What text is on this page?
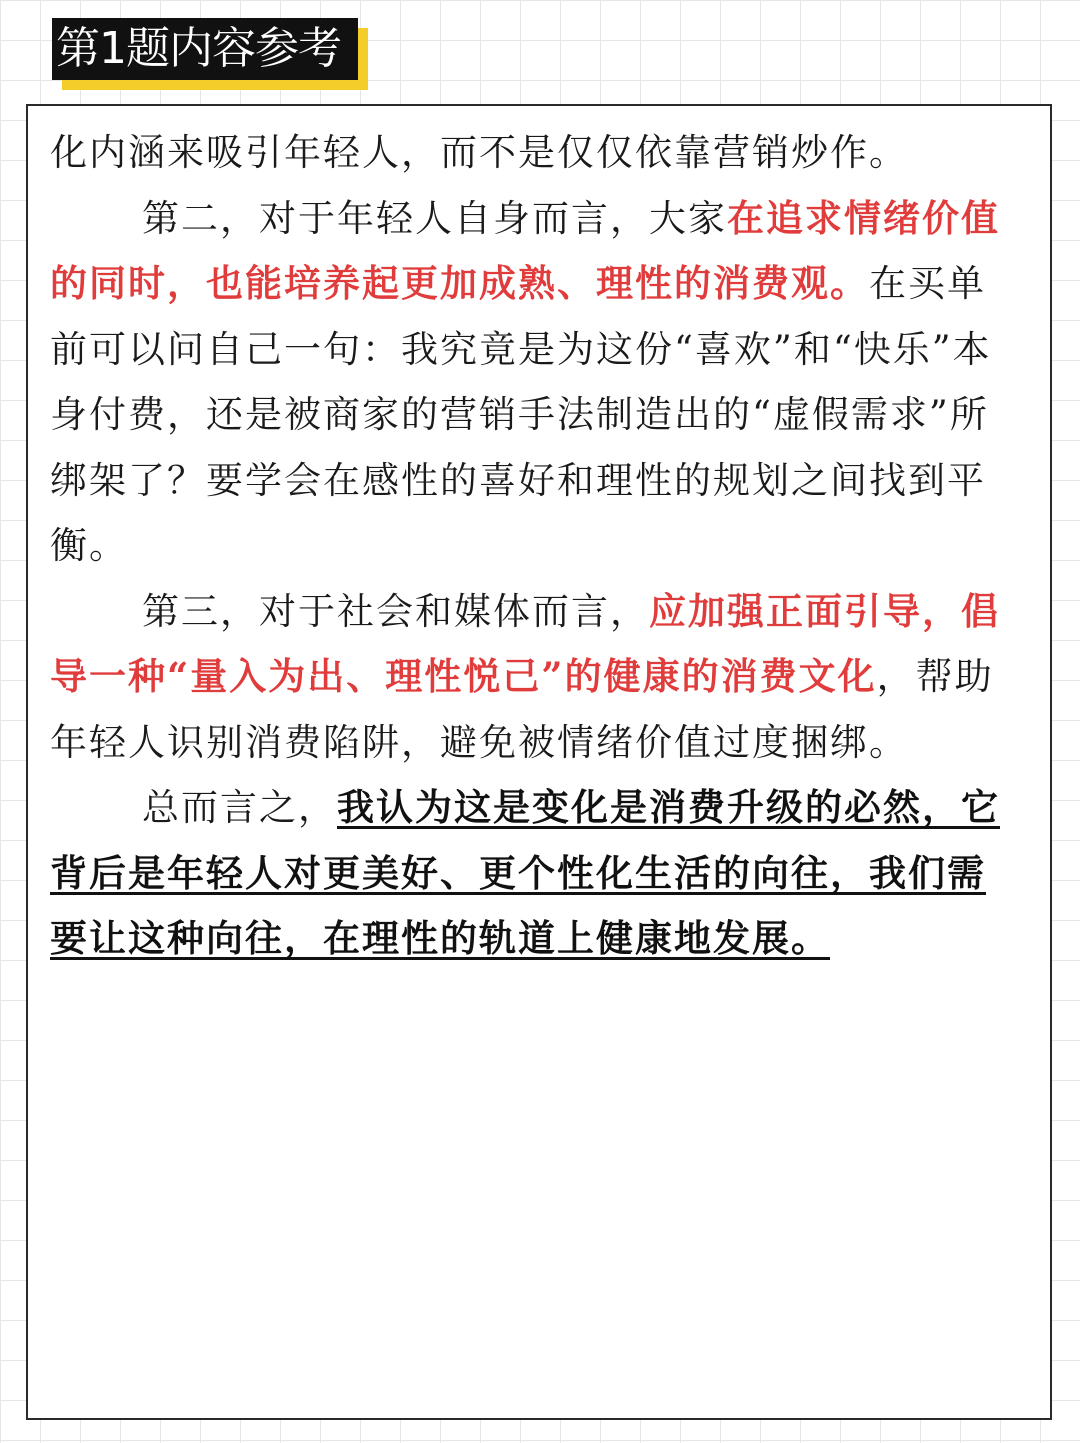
第1题内容参考

化内涵来吸引年轻人，而不是仅仅依靠营销炒作。

第二，对于年轻人自身而言，大家在追求情绪价值的同时，也能培养起更加成熟、理性的消费观。在买单前可以问自己一句：我究竟是为这份“喜欢”和“快乐”本身付费，还是被商家的营销手法制造出的“虚假需求”所绑架了？要学会在感性的喜好和理性的规划之间找到平衡。

第三，对于社会和媒体而言，应加强正面引导，倡导一种“量入为出、理性悦己”的健康的消费文化，帮助年轻人识别消费陷阱，避免被情绪价值过度捆绑。

总而言之，我认为这是变化是消费升级的必然，它背后是年轻人对更美好、更个性化生活的向往，我们需要让这种向往，在理性的轨道上健康地发展。
